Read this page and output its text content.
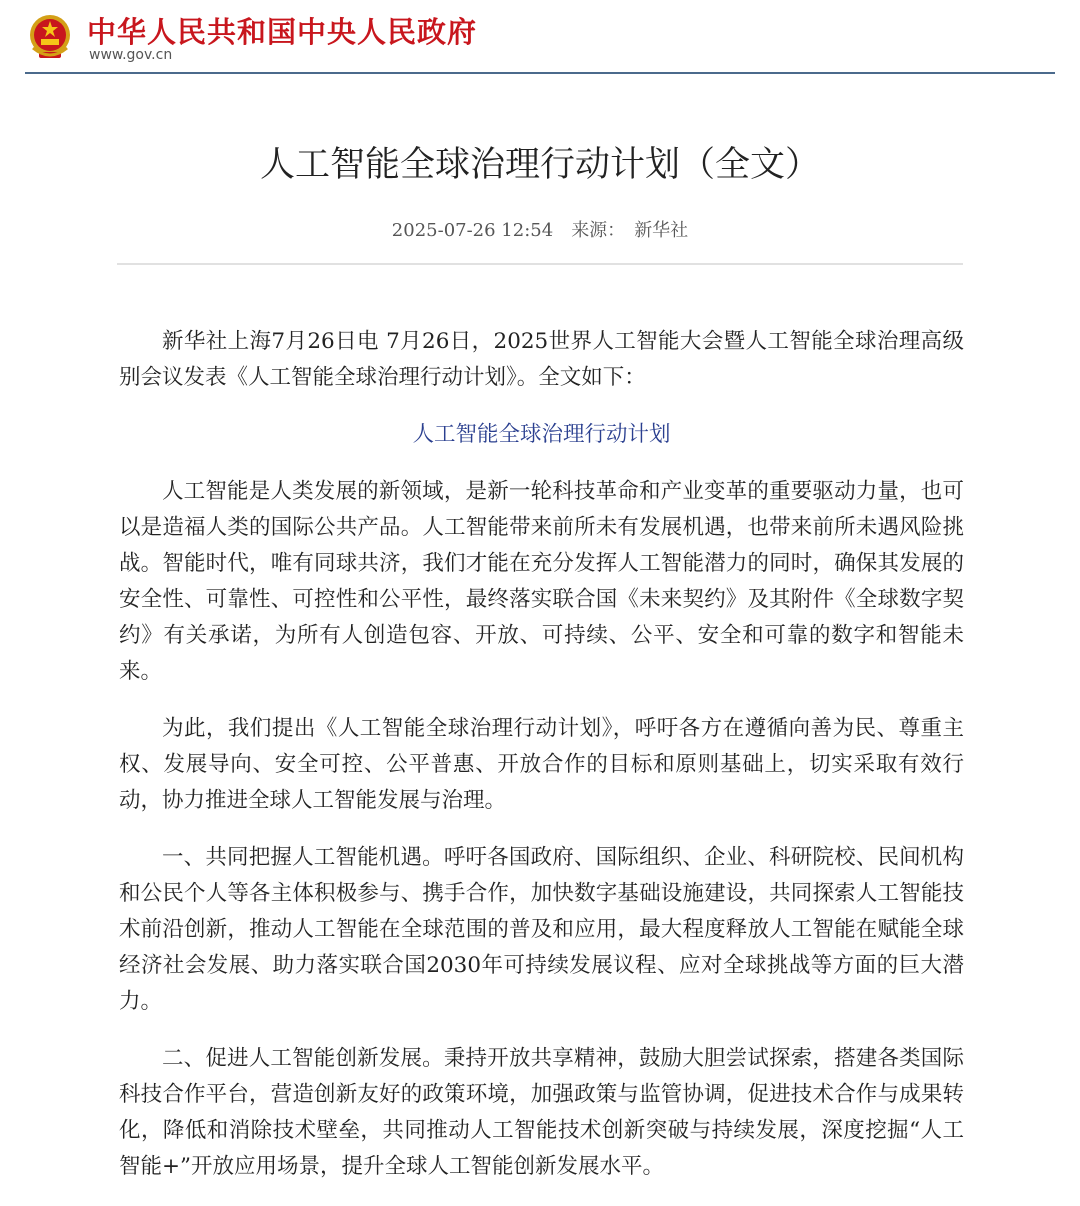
中华人民共和国中央人民政府
www.gov.cn
人工智能全球治理行动计划（全文）
2025-07-26 12:54 来源： 新华社

新华社上海7月26日电 7月26日，2025世界人工智能大会暨人工智能全球治理高级别会议发表《人工智能全球治理行动计划》。全文如下：

人工智能全球治理行动计划

人工智能是人类发展的新领域，是新一轮科技革命和产业变革的重要驱动力量，也可以是造福人类的国际公共产品。人工智能带来前所未有发展机遇，也带来前所未遇风险挑战。智能时代，唯有同球共济，我们才能在充分发挥人工智能潜力的同时，确保其发展的安全性、可靠性、可控性和公平性，最终落实联合国《未来契约》及其附件《全球数字契约》有关承诺，为所有人创造包容、开放、可持续、公平、安全和可靠的数字和智能未来。

为此，我们提出《人工智能全球治理行动计划》，呼吁各方在遵循向善为民、尊重主权、发展导向、安全可控、公平普惠、开放合作的目标和原则基础上，切实采取有效行动，协力推进全球人工智能发展与治理。

一、共同把握人工智能机遇。呼吁各国政府、国际组织、企业、科研院校、民间机构和公民个人等各主体积极参与、携手合作，加快数字基础设施建设，共同探索人工智能技术前沿创新，推动人工智能在全球范围的普及和应用，最大程度释放人工智能在赋能全球经济社会发展、助力落实联合国2030年可持续发展议程、应对全球挑战等方面的巨大潜力。

二、促进人工智能创新发展。秉持开放共享精神，鼓励大胆尝试探索，搭建各类国际科技合作平台，营造创新友好的政策环境，加强政策与监管协调，促进技术合作与成果转化，降低和消除技术壁垒，共同推动人工智能技术创新突破与持续发展，深度挖掘“人工智能+”开放应用场景，提升全球人工智能创新发展水平。
